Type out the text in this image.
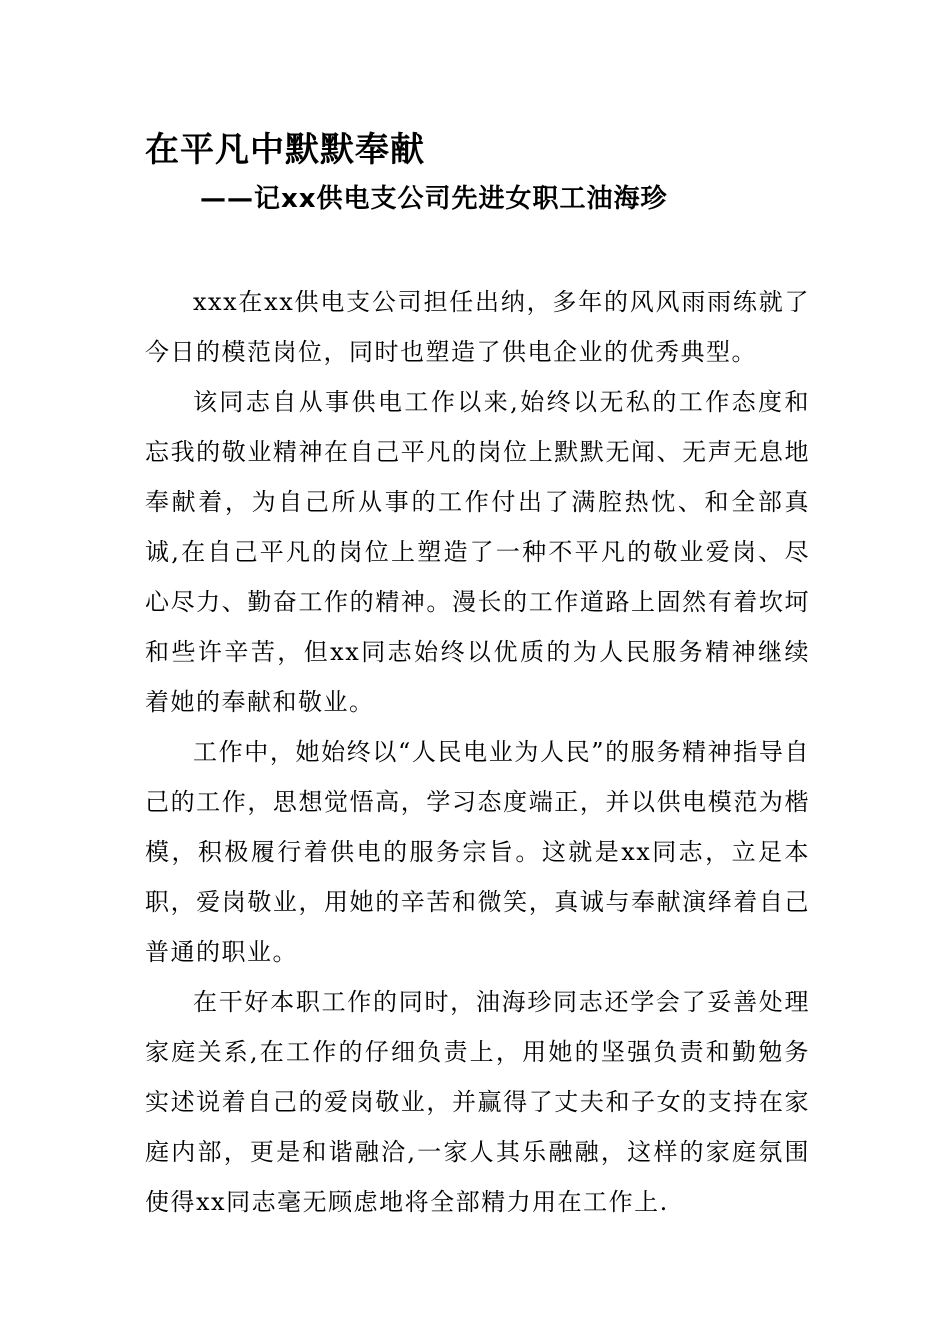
在平凡中默默奉献
——记xx供电支公司先进女职工油海珍

xxx在xx供电支公司担任出纳，多年的风风雨雨练就了今日的模范岗位，同时也塑造了供电企业的优秀典型。

该同志自从事供电工作以来,始终以无私的工作态度和忘我的敬业精神在自己平凡的岗位上默默无闻、无声无息地奉献着，为自己所从事的工作付出了满腔热忱、和全部真诚,在自己平凡的岗位上塑造了一种不平凡的敬业爱岗、尽心尽力、勤奋工作的精神。漫长的工作道路上固然有着坎坷和些许辛苦，但xx同志始终以优质的为人民服务精神继续着她的奉献和敬业。

工作中，她始终以“人民电业为人民”的服务精神指导自己的工作，思想觉悟高，学习态度端正，并以供电模范为楷模，积极履行着供电的服务宗旨。这就是xx同志，立足本职，爱岗敬业，用她的辛苦和微笑，真诚与奉献演绎着自己普通的职业。

在干好本职工作的同时，油海珍同志还学会了妥善处理家庭关系,在工作的仔细负责上，用她的坚强负责和勤勉务实述说着自己的爱岗敬业，并赢得了丈夫和子女的支持在家庭内部，更是和谐融洽,一家人其乐融融，这样的家庭氛围使得xx同志毫无顾虑地将全部精力用在工作上.
